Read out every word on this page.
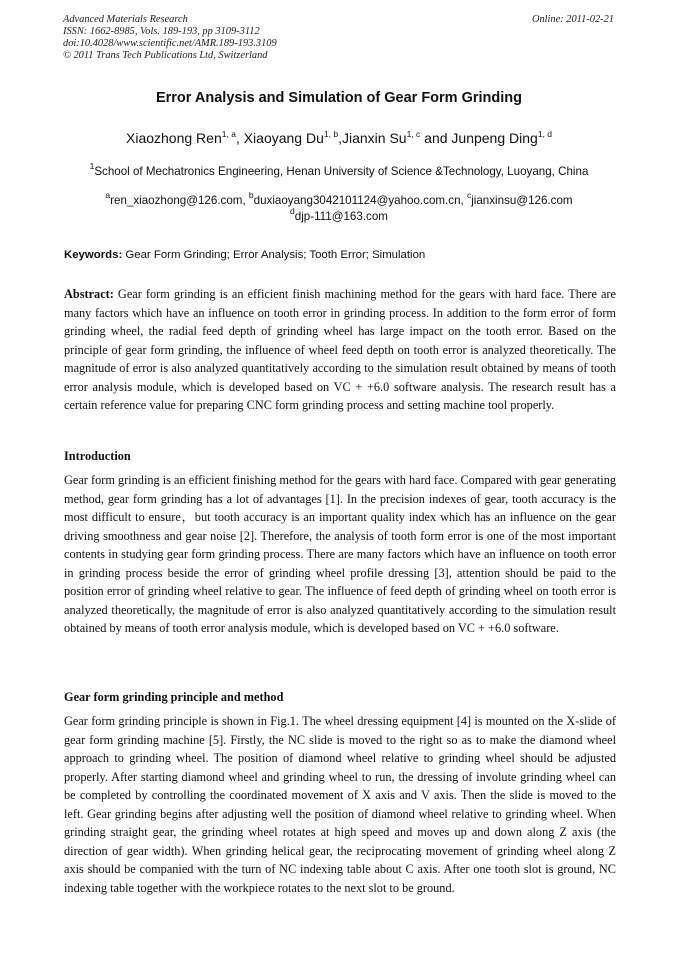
Advanced Materials Research
ISSN: 1662-8985, Vols. 189-193, pp 3109-3112
doi:10.4028/www.scientific.net/AMR.189-193.3109
© 2011 Trans Tech Publications Ltd, Switzerland
Online: 2011-02-21
Error Analysis and Simulation of Gear Form Grinding
Xiaozhong Ren$^{1, a}$, Xiaoyang Du$^{1, b}$,Jianxin Su$^{1, c}$ and Junpeng Ding$^{1, d}$
$^1$School of Mechatronics Engineering, Henan University of Science &Technology, Luoyang, China
$^a$ren_xiaozhong@126.com, $^b$duxiaoyang3042101124@yahoo.com.cn, $^c$jianxinsu@126.com
$^d$djp-111@163.com
Keywords: Gear Form Grinding; Error Analysis; Tooth Error; Simulation
Abstract: Gear form grinding is an efficient finish machining method for the gears with hard face. There are many factors which have an influence on tooth error in grinding process. In addition to the form error of form grinding wheel, the radial feed depth of grinding wheel has large impact on the tooth error. Based on the principle of gear form grinding, the influence of wheel feed depth on tooth error is analyzed theoretically. The magnitude of error is also analyzed quantitatively according to the simulation result obtained by means of tooth error analysis module, which is developed based on VC + +6.0 software analysis. The research result has a certain reference value for preparing CNC form grinding process and setting machine tool properly.
Introduction
Gear form grinding is an efficient finishing method for the gears with hard face. Compared with gear generating method, gear form grinding has a lot of advantages [1]. In the precision indexes of gear, tooth accuracy is the most difficult to ensure，but tooth accuracy is an important quality index which has an influence on the gear driving smoothness and gear noise [2]. Therefore, the analysis of tooth form error is one of the most important contents in studying gear form grinding process. There are many factors which have an influence on tooth error in grinding process beside the error of grinding wheel profile dressing [3], attention should be paid to the position error of grinding wheel relative to gear. The influence of feed depth of grinding wheel on tooth error is analyzed theoretically, the magnitude of error is also analyzed quantitatively according to the simulation result obtained by means of tooth error analysis module, which is developed based on VC + +6.0 software.
Gear form grinding principle and method
Gear form grinding principle is shown in Fig.1. The wheel dressing equipment [4] is mounted on the X-slide of gear form grinding machine [5]. Firstly, the NC slide is moved to the right so as to make the diamond wheel approach to grinding wheel. The position of diamond wheel relative to grinding wheel should be adjusted properly. After starting diamond wheel and grinding wheel to run, the dressing of involute grinding wheel can be completed by controlling the coordinated movement of X axis and V axis. Then the slide is moved to the left. Gear grinding begins after adjusting well the position of diamond wheel relative to grinding wheel. When grinding straight gear, the grinding wheel rotates at high speed and moves up and down along Z axis (the direction of gear width). When grinding helical gear, the reciprocating movement of grinding wheel along Z axis should be companied with the turn of NC indexing table about C axis. After one tooth slot is ground, NC indexing table together with the workpiece rotates to the next slot to be ground.
